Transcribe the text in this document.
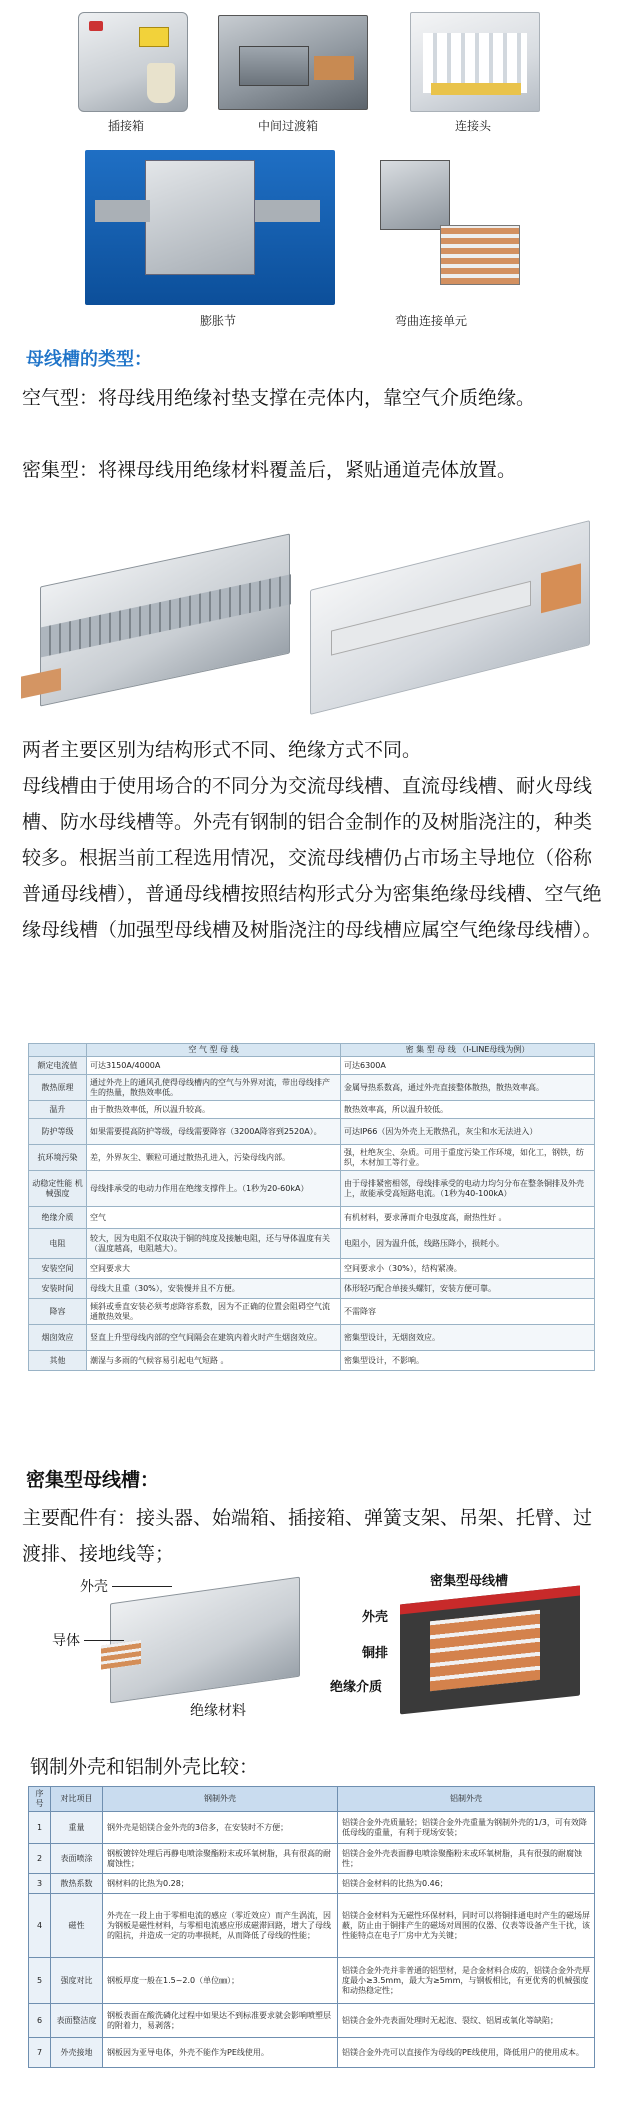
插接箱	中间过渡箱	连接头
膨胀节	弯曲连接单元
母线槽的类型：
空气型：将母线用绝缘衬垫支撑在壳体内，靠空气介质绝缘。
密集型：将裸母线用绝缘材料覆盖后，紧贴通道壳体放置。
两者主要区别为结构形式不同、绝缘方式不同。
母线槽由于使用场合的不同分为交流母线槽、直流母线槽、耐火母线槽、防水母线槽等。外壳有钢制的铝合金制作的及树脂浇注的，种类较多。根据当前工程选用情况，交流母线槽仍占市场主导地位（俗称普通母线槽），普通母线槽按照结构形式分为密集绝缘母线槽、空气绝缘母线槽（加强型母线槽及树脂浇注的母线槽应属空气绝缘母线槽）。
	空 气 型 母 线	密 集 型 母 线 （I-LINE母线为例）
额定电流值	可达3150A/4000A	可达6300A
散热原理	通过外壳上的通风孔使得母线槽内的空气与外界对流，带出母线排产生的热量，散热效率低。	金属导热系数高，通过外壳直接整体散热，散热效率高。
温升	由于散热效率低，所以温升较高。	散热效率高，所以温升较低。
防护等级	如果需要提高防护等级，母线需要降容（3200A降容到2520A）。	可达IP66（因为外壳上无散热孔，灰尘和水无法进入）
抗环境污染	差，外界灰尘、颗粒可通过散热孔进入，污染母线内部。	强，杜绝灰尘、杂质。可用于重度污染工作环境，如化工，钢铁，纺织，木材加工等行业。
动稳定性能 机械强度	母线排承受的电动力作用在绝缘支撑件上。（1秒为20-60kA）	由于母排紧密相邻，母线排承受的电动力均匀分布在整条铜排及外壳上，故能承受高短路电流。（1秒为40-100kA）
绝缘介质	空气	有机材料，要求薄而介电强度高，耐热性好 。
电阻	较大，因为电阻不仅取决于铜的纯度及接触电阻，还与导体温度有关（温度越高，电阻越大）。	电阻小，因为温升低，线路压降小，损耗小。
安装空间	空间要求大	空间要求小（30%），结构紧凑。
安装时间	母线大且重（30%），安装慢并且不方便。	体形轻巧配合单接头螺钉，安装方便可靠。
降容	倾斜或垂直安装必须考虑降容系数，因为不正确的位置会阻碍空气流通散热效果。	不需降容
烟囱效应	竖直上升型母线内部的空气间隔会在建筑内着火时产生烟囱效应。	密集型设计，无烟囱效应。
其他	潮湿与多雨的气候容易引起电气短路 。	密集型设计，不影响。
密集型母线槽：
主要配件有：接头器、始端箱、插接箱、弹簧支架、吊架、托臂、过渡排、接地线等；
外壳
导体
绝缘材料
密集型母线槽
外壳
铜排
绝缘介质
钢制外壳和铝制外壳比较：
序号	对比项目	钢制外壳	铝制外壳
1	重量	钢外壳是铝镁合金外壳的3倍多，在安装时不方便；	铝镁合金外壳质量轻；铝镁合金外壳重量为钢制外壳的1/3，可有效降低母线的重量，有利于现场安装；
2	表面喷涂	钢板镀锌处理后再静电喷涂聚酯粉末或环氧树脂，具有很高的耐腐蚀性；	铝镁合金外壳表面静电喷涂聚酯粉末或环氧树脂，具有很强的耐腐蚀性；
3	散热系数	钢材料的比热为0.28；	铝镁合金材料的比热为0.46；
4	磁性	外壳在一段上由于零相电流的感应（零近效应）而产生涡流，因为钢板是磁性材料，与零相电流感应形成磁滞回路，增大了母线的阻抗，并造成一定的功率损耗，从而降低了母线的性能；	铝镁合金材料为无磁性环保材料，同时可以将铜排通电时产生的磁场屏蔽，防止由于铜排产生的磁场对周围的仪器、仪表等设备产生干扰，该性能特点在电子厂房中尤为关键；
5	强度对比	钢板厚度一般在1.5~2.0（单位㎜）；	铝镁合金外壳并非普通的铝型材，是合金材料合成的，铝镁合金外壳厚度最小≥3.5mm，最大为≥5mm，与钢板相比，有更优秀的机械强度和动热稳定性；
6	表面整洁度	钢板表面在酸洗磷化过程中如果达不到标准要求就会影响喷塑层的附着力，易剥落；	铝镁合金外壳表面处理时无起泡、裂纹、铝屑或氧化等缺陷；
7	外壳接地	钢板因为亚导电体，外壳不能作为PE线使用。	铝镁合金外壳可以直接作为母线的PE线使用，降低用户的使用成本。
